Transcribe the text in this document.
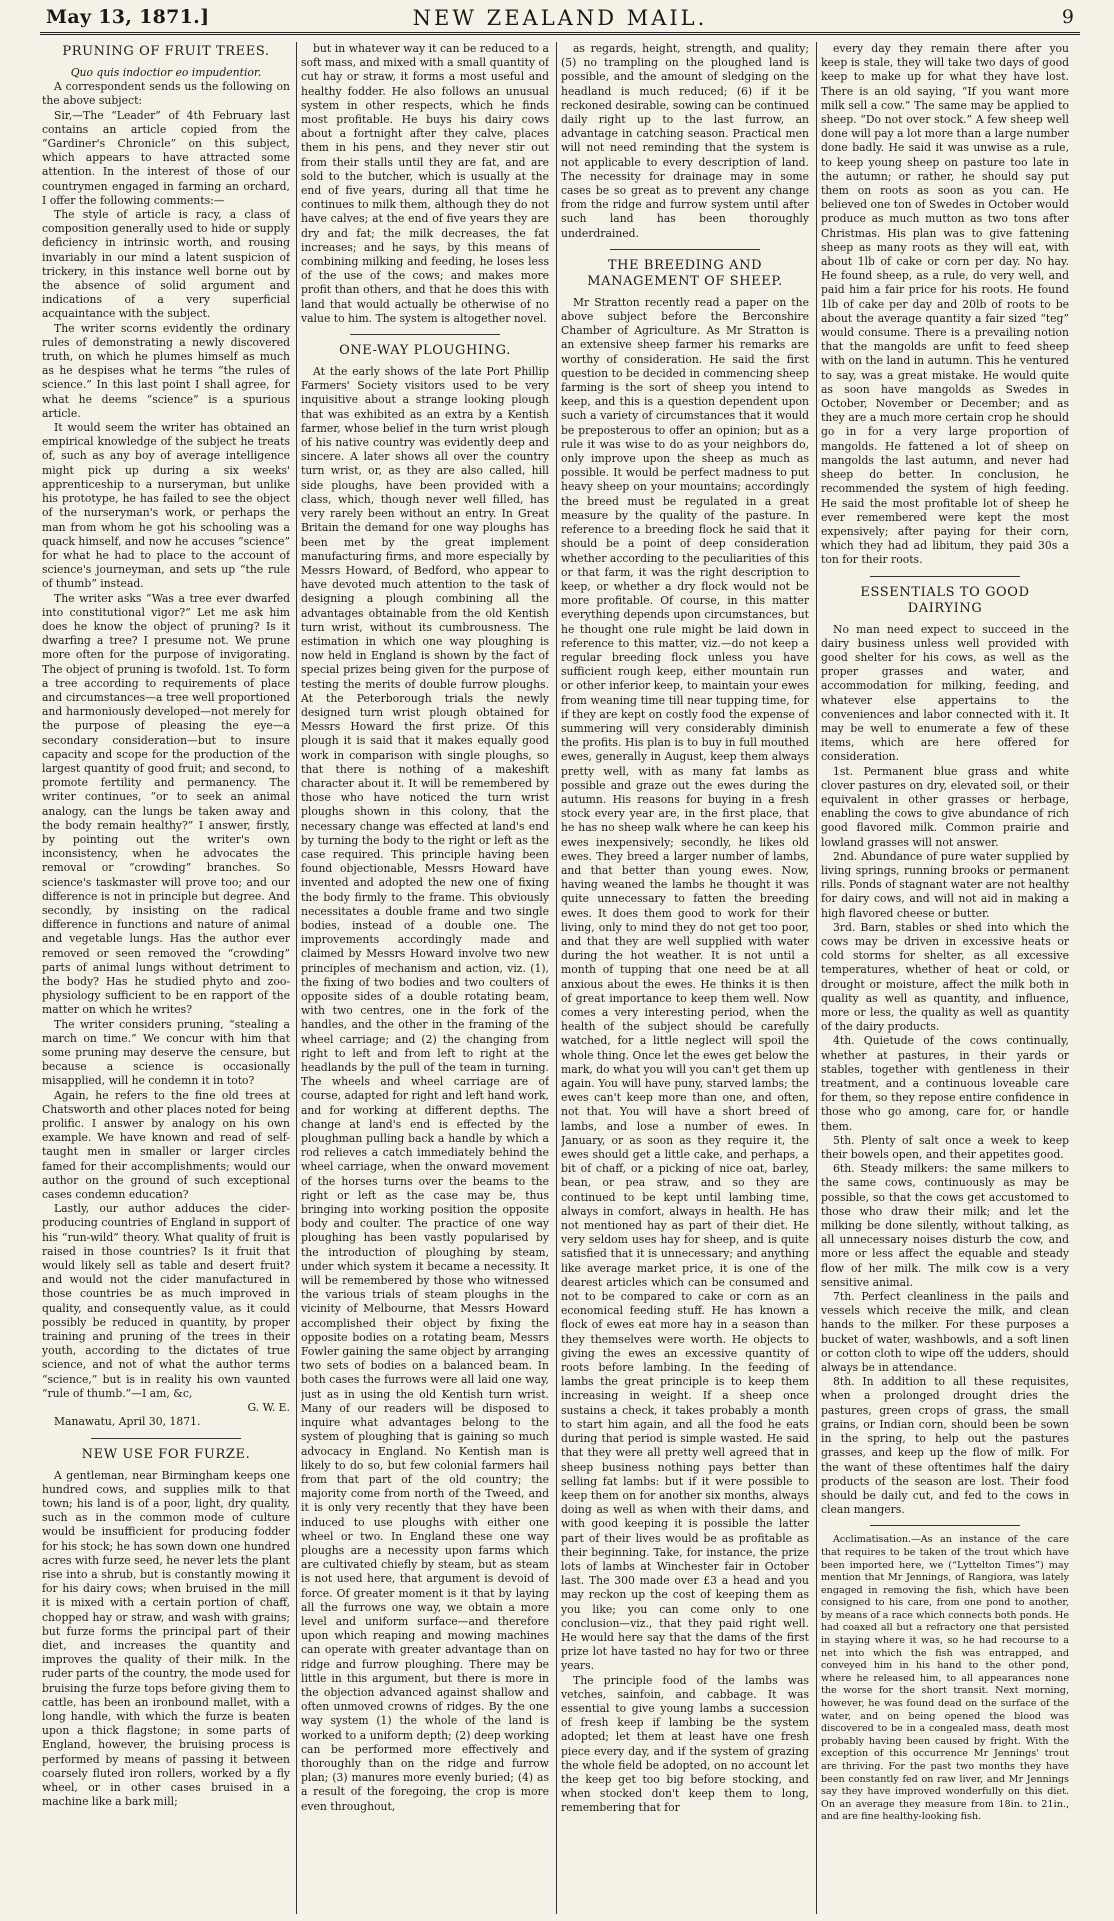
May 13, 1871.]	NEW ZEALAND MAIL.	9
PRUNING OF FRUIT TREES.

Quo quis indoctior eo impudentior.

A correspondent sends us the following on the above subject:

Sir,—The “Leader” of 4th February last contains an article copied from the “Gardiner's Chronicle” on this subject, which appears to have attracted some attention. In the interest of those of our countrymen engaged in farming an orchard, I offer the following comments:—

The style of article is racy, a class of composition generally used to hide or supply deficiency in intrinsic worth, and rousing invariably in our mind a latent suspicion of trickery, in this instance well borne out by the absence of solid argument and indications of a very superficial acquaintance with the subject.

The writer scorns evidently the ordinary rules of demonstrating a newly discovered truth, on which he plumes himself as much as he despises what he terms “the rules of science.” In this last point I shall agree, for what he deems “science” is a spurious article.

It would seem the writer has obtained an empirical knowledge of the subject he treats of, such as any boy of average intelligence might pick up during a six weeks' apprenticeship to a nurseryman, but unlike his prototype, he has failed to see the object of the nurseryman's work, or perhaps the man from whom he got his schooling was a quack himself, and now he accuses “science” for what he had to place to the account of science's journeyman, and sets up “the rule of thumb” instead.

The writer asks “Was a tree ever dwarfed into constitutional vigor?” Let me ask him does he know the object of pruning? Is it dwarfing a tree? I presume not. We prune more often for the purpose of invigorating. The object of pruning is twofold. 1st. To form a tree according to requirements of place and circumstances—a tree well proportioned and harmoniously developed—not merely for the purpose of pleasing the eye—a secondary consideration—but to insure capacity and scope for the production of the largest quantity of good fruit; and second, to promote fertility and permanency. The writer continues, “or to seek an animal analogy, can the lungs be taken away and the body remain healthy?” I answer, firstly, by pointing out the writer's own inconsistency, when he advocates the removal or “crowding” branches. So science's taskmaster will prove too; and our difference is not in principle but degree. And secondly, by insisting on the radical difference in functions and nature of animal and vegetable lungs. Has the author ever removed or seen removed the “crowding” parts of animal lungs without detriment to the body? Has he studied phyto and zoo-physiology sufficient to be en rapport of the matter on which he writes?

The writer considers pruning, “stealing a march on time.” We concur with him that some pruning may deserve the censure, but because a science is occasionally misapplied, will he condemn it in toto?

Again, he refers to the fine old trees at Chatsworth and other places noted for being prolific. I answer by analogy on his own example. We have known and read of self-taught men in smaller or larger circles famed for their accomplishments; would our author on the ground of such exceptional cases condemn education?

Lastly, our author adduces the cider-producing countries of England in support of his “run-wild” theory. What quality of fruit is raised in those countries? Is it fruit that would likely sell as table and desert fruit? and would not the cider manufactured in those countries be as much improved in quality, and consequently value, as it could possibly be reduced in quantity, by proper training and pruning of the trees in their youth, according to the dictates of true science, and not of what the author terms “science,” but is in reality his own vaunted “rule of thumb.”—I am, &c,

G. W. E.

Manawatu, April 30, 1871.

NEW USE FOR FURZE.

A gentleman, near Birmingham keeps one hundred cows, and supplies milk to that town; his land is of a poor, light, dry quality, such as in the common mode of culture would be insufficient for producing fodder for his stock; he has sown down one hundred acres with furze seed, he never lets the plant rise into a shrub, but is constantly mowing it for his dairy cows; when bruised in the mill it is mixed with a certain portion of chaff, chopped hay or straw, and wash with grains; but furze forms the principal part of their diet, and increases the quantity and improves the quality of their milk. In the ruder parts of the country, the mode used for bruising the furze tops before giving them to cattle, has been an ironbound mallet, with a long handle, with which the furze is beaten upon a thick flagstone; in some parts of England, however, the bruising process is performed by means of passing it between coarsely fluted iron rollers, worked by a fly wheel, or in other cases bruised in a machine like a bark mill;

but in whatever way it can be reduced to a soft mass, and mixed with a small quantity of cut hay or straw, it forms a most useful and healthy fodder. He also follows an unusual system in other respects, which he finds most profitable. He buys his dairy cows about a fortnight after they calve, places them in his pens, and they never stir out from their stalls until they are fat, and are sold to the butcher, which is usually at the end of five years, during all that time he continues to milk them, although they do not have calves; at the end of five years they are dry and fat; the milk decreases, the fat increases; and he says, by this means of combining milking and feeding, he loses less of the use of the cows; and makes more profit than others, and that he does this with land that would actually be otherwise of no value to him. The system is altogether novel.

ONE-WAY PLOUGHING.

At the early shows of the late Port Phillip Farmers' Society visitors used to be very inquisitive about a strange looking plough that was exhibited as an extra by a Kentish farmer, whose belief in the turn wrist plough of his native country was evidently deep and sincere. A later shows all over the country turn wrist, or, as they are also called, hill side ploughs, have been provided with a class, which, though never well filled, has very rarely been without an entry. In Great Britain the demand for one way ploughs has been met by the great implement manufacturing firms, and more especially by Messrs Howard, of Bedford, who appear to have devoted much attention to the task of designing a plough combining all the advantages obtainable from the old Kentish turn wrist, without its cumbrousness. The estimation in which one way ploughing is now held in England is shown by the fact of special prizes being given for the purpose of testing the merits of double furrow ploughs. At the Peterborough trials the newly designed turn wrist plough obtained for Messrs Howard the first prize. Of this plough it is said that it makes equally good work in comparison with single ploughs, so that there is nothing of a makeshift character about it. It will be remembered by those who have noticed the turn wrist ploughs shown in this colony, that the necessary change was effected at land's end by turning the body to the right or left as the case required. This principle having been found objectionable, Messrs Howard have invented and adopted the new one of fixing the body firmly to the frame. This obviously necessitates a double frame and two single bodies, instead of a double one. The improvements accordingly made and claimed by Messrs Howard involve two new principles of mechanism and action, viz. (1), the fixing of two bodies and two coulters of opposite sides of a double rotating beam, with two centres, one in the fork of the handles, and the other in the framing of the wheel carriage; and (2) the changing from right to left and from left to right at the headlands by the pull of the team in turning. The wheels and wheel carriage are of course, adapted for right and left hand work, and for working at different depths. The change at land's end is effected by the ploughman pulling back a handle by which a rod relieves a catch immediately behind the wheel carriage, when the onward movement of the horses turns over the beams to the right or left as the case may be, thus bringing into working position the opposite body and coulter. The practice of one way ploughing has been vastly popularised by the introduction of ploughing by steam, under which system it became a necessity. It will be remembered by those who witnessed the various trials of steam ploughs in the vicinity of Melbourne, that Messrs Howard accomplished their object by fixing the opposite bodies on a rotating beam, Messrs Fowler gaining the same object by arranging two sets of bodies on a balanced beam. In both cases the furrows were all laid one way, just as in using the old Kentish turn wrist. Many of our readers will be disposed to inquire what advantages belong to the system of ploughing that is gaining so much advocacy in England. No Kentish man is likely to do so, but few colonial farmers hail from that part of the old country; the majority come from north of the Tweed, and it is only very recently that they have been induced to use ploughs with either one wheel or two. In England these one way ploughs are a necessity upon farms which are cultivated chiefly by steam, but as steam is not used here, that argument is devoid of force. Of greater moment is it that by laying all the furrows one way, we obtain a more level and uniform surface—and therefore upon which reaping and mowing machines can operate with greater advantage than on ridge and furrow ploughing. There may be little in this argument, but there is more in the objection advanced against shallow and often unmoved crowns of ridges. By the one way system (1) the whole of the land is worked to a uniform depth; (2) deep working can be performed more effectively and thoroughly than on the ridge and furrow plan; (3) manures more evenly buried; (4) as a result of the foregoing, the crop is more even throughout,

as regards, height, strength, and quality; (5) no trampling on the ploughed land is possible, and the amount of sledging on the headland is much reduced; (6) if it be reckoned desirable, sowing can be continued daily right up to the last furrow, an advantage in catching season. Practical men will not need reminding that the system is not applicable to every description of land. The necessity for drainage may in some cases be so great as to prevent any change from the ridge and furrow system until after such land has been thoroughly underdrained.

THE BREEDING AND MANAGEMENT OF SHEEP.

Mr Stratton recently read a paper on the above subject before the Berconshire Chamber of Agriculture. As Mr Stratton is an extensive sheep farmer his remarks are worthy of consideration. He said the first question to be decided in commencing sheep farming is the sort of sheep you intend to keep, and this is a question dependent upon such a variety of circumstances that it would be preposterous to offer an opinion; but as a rule it was wise to do as your neighbors do, only improve upon the sheep as much as possible. It would be perfect madness to put heavy sheep on your mountains; accordingly the breed must be regulated in a great measure by the quality of the pasture. In reference to a breeding flock he said that it should be a point of deep consideration whether according to the peculiarities of this or that farm, it was the right description to keep, or whether a dry flock would not be more profitable. Of course, in this matter everything depends upon circumstances, but he thought one rule might be laid down in reference to this matter, viz.—do not keep a regular breeding flock unless you have sufficient rough keep, either mountain run or other inferior keep, to maintain your ewes from weaning time till near tupping time, for if they are kept on costly food the expense of summering will very considerably diminish the profits. His plan is to buy in full mouthed ewes, generally in August, keep them always pretty well, with as many fat lambs as possible and graze out the ewes during the autumn. His reasons for buying in a fresh stock every year are, in the first place, that he has no sheep walk where he can keep his ewes inexpensively; secondly, he likes old ewes. They breed a larger number of lambs, and that better than young ewes. Now, having weaned the lambs he thought it was quite unnecessary to fatten the breeding ewes. It does them good to work for their living, only to mind they do not get too poor, and that they are well supplied with water during the hot weather. It is not until a month of tupping that one need be at all anxious about the ewes. He thinks it is then of great importance to keep them well. Now comes a very interesting period, when the health of the subject should be carefully watched, for a little neglect will spoil the whole thing. Once let the ewes get below the mark, do what you will you can't get them up again. You will have puny, starved lambs; the ewes can't keep more than one, and often, not that. You will have a short breed of lambs, and lose a number of ewes. In January, or as soon as they require it, the ewes should get a little cake, and perhaps, a bit of chaff, or a picking of nice oat, barley, bean, or pea straw, and so they are continued to be kept until lambing time, always in comfort, always in health. He has not mentioned hay as part of their diet. He very seldom uses hay for sheep, and is quite satisfied that it is unnecessary; and anything like average market price, it is one of the dearest articles which can be consumed and not to be compared to cake or corn as an economical feeding stuff. He has known a flock of ewes eat more hay in a season than they themselves were worth. He objects to giving the ewes an excessive quantity of roots before lambing. In the feeding of lambs the great principle is to keep them increasing in weight. If a sheep once sustains a check, it takes probably a month to start him again, and all the food he eats during that period is simple wasted. He said that they were all pretty well agreed that in sheep business nothing pays better than selling fat lambs: but if it were possible to keep them on for another six months, always doing as well as when with their dams, and with good keeping it is possible the latter part of their lives would be as profitable as their beginning. Take, for instance, the prize lots of lambs at Winchester fair in October last. The 300 made over £3 a head and you may reckon up the cost of keeping them as you like; you can come only to one conclusion—viz., that they paid right well. He would here say that the dams of the first prize lot have tasted no hay for two or three years.

The principle food of the lambs was vetches, sainfoin, and cabbage. It was essential to give young lambs a succession of fresh keep if lambing be the system adopted; let them at least have one fresh piece every day, and if the system of grazing the whole field be adopted, on no account let the keep get too big before stocking, and when stocked don't keep them to long, remembering that for

every day they remain there after you keep is stale, they will take two days of good keep to make up for what they have lost. There is an old saying, “If you want more milk sell a cow.” The same may be applied to sheep. “Do not over stock.” A few sheep well done will pay a lot more than a large number done badly. He said it was unwise as a rule, to keep young sheep on pasture too late in the autumn; or rather, he should say put them on roots as soon as you can. He believed one ton of Swedes in October would produce as much mutton as two tons after Christmas. His plan was to give fattening sheep as many roots as they will eat, with about 1lb of cake or corn per day. No hay. He found sheep, as a rule, do very well, and paid him a fair price for his roots. He found 1lb of cake per day and 20lb of roots to be about the average quantity a fair sized “teg” would consume. There is a prevailing notion that the mangolds are unfit to feed sheep with on the land in autumn. This he ventured to say, was a great mistake. He would quite as soon have mangolds as Swedes in October, November or December; and as they are a much more certain crop he should go in for a very large proportion of mangolds. He fattened a lot of sheep on mangolds the last autumn, and never had sheep do better. In conclusion, he recommended the system of high feeding. He said the most profitable lot of sheep he ever remembered were kept the most expensively; after paying for their corn, which they had ad libitum, they paid 30s a ton for their roots.

ESSENTIALS TO GOOD DAIRYING

No man need expect to succeed in the dairy business unless well provided with good shelter for his cows, as well as the proper grasses and water, and accommodation for milking, feeding, and whatever else appertains to the conveniences and labor connected with it. It may be well to enumerate a few of these items, which are here offered for consideration.

1st. Permanent blue grass and white clover pastures on dry, elevated soil, or their equivalent in other grasses or herbage, enabling the cows to give abundance of rich good flavored milk. Common prairie and lowland grasses will not answer.

2nd. Abundance of pure water supplied by living springs, running brooks or permanent rills. Ponds of stagnant water are not healthy for dairy cows, and will not aid in making a high flavored cheese or butter.

3rd. Barn, stables or shed into which the cows may be driven in excessive heats or cold storms for shelter, as all excessive temperatures, whether of heat or cold, or drought or moisture, affect the milk both in quality as well as quantity, and influence, more or less, the quality as well as quantity of the dairy products.

4th. Quietude of the cows continually, whether at pastures, in their yards or stables, together with gentleness in their treatment, and a continuous loveable care for them, so they repose entire confidence in those who go among, care for, or handle them.

5th. Plenty of salt once a week to keep their bowels open, and their appetites good.

6th. Steady milkers: the same milkers to the same cows, continuously as may be possible, so that the cows get accustomed to those who draw their milk; and let the milking be done silently, without talking, as all unnecessary noises disturb the cow, and more or less affect the equable and steady flow of her milk. The milk cow is a very sensitive animal.

7th. Perfect cleanliness in the pails and vessels which receive the milk, and clean hands to the milker. For these purposes a bucket of water, washbowls, and a soft linen or cotton cloth to wipe off the udders, should always be in attendance.

8th. In addition to all these requisites, when a prolonged drought dries the pastures, green crops of grass, the small grains, or Indian corn, should been be sown in the spring, to help out the pastures grasses, and keep up the flow of milk. For the want of these oftentimes half the dairy products of the season are lost. Their food should be daily cut, and fed to the cows in clean mangers.

Acclimatisation.—As an instance of the care that requires to be taken of the trout which have been imported here, we (“Lyttelton Times”) may mention that Mr Jennings, of Rangiora, was lately engaged in removing the fish, which have been consigned to his care, from one pond to another, by means of a race which connects both ponds. He had coaxed all but a refractory one that persisted in staying where it was, so he had recourse to a net into which the fish was entrapped, and conveyed him in his hand to the other pond, where he released him, to all appearances none the worse for the short transit. Next morning, however, he was found dead on the surface of the water, and on being opened the blood was discovered to be in a congealed mass, death most probably having been caused by fright. With the exception of this occurrence Mr Jennings' trout are thriving. For the past two months they have been constantly fed on raw liver, and Mr Jennings say they have improved wonderfully on this diet. On an average they measure from 18in. to 21in., and are fine healthy-looking fish.
